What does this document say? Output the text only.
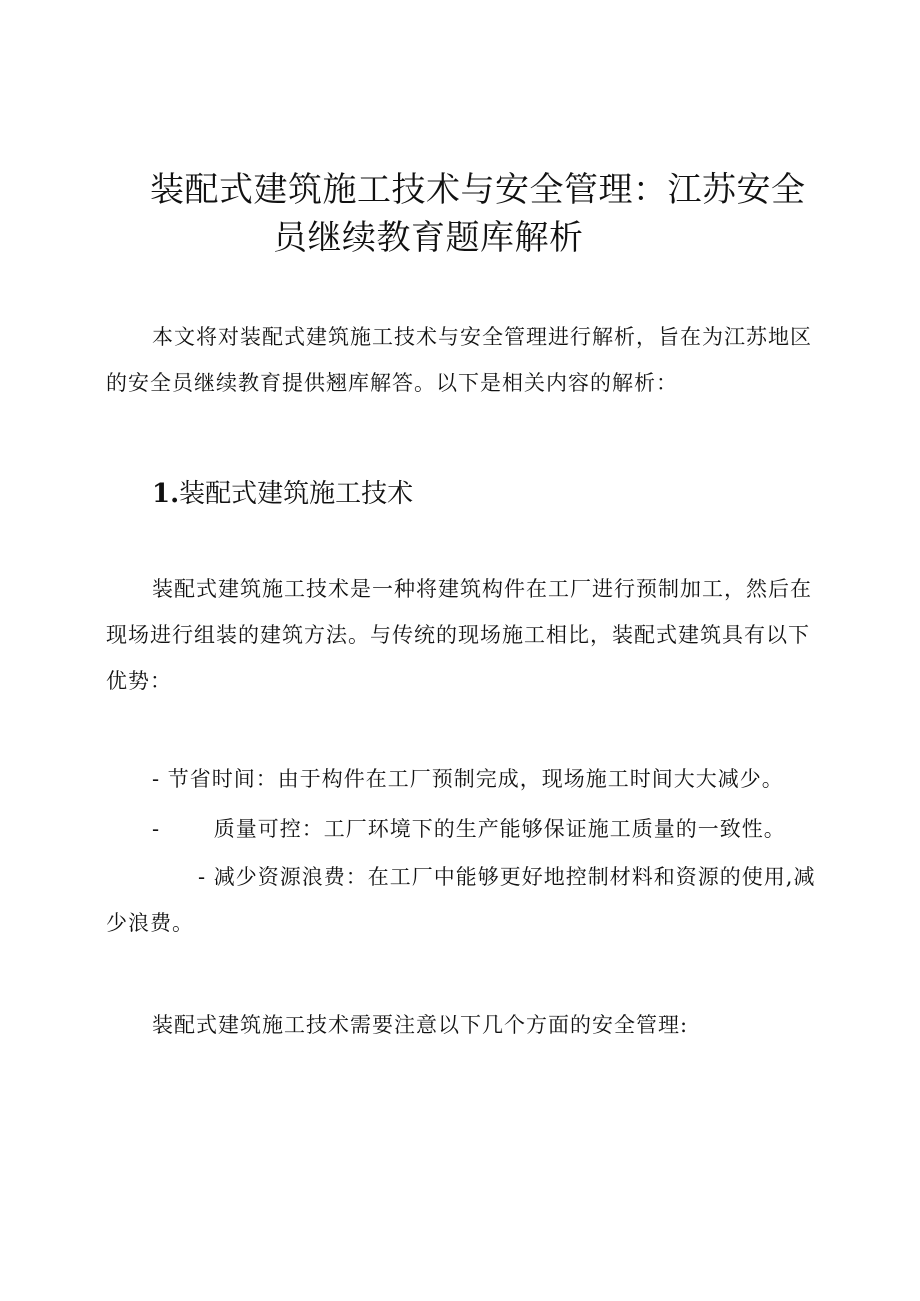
装配式建筑施工技术与安全管理：江苏安全
员继续教育题库解析

本文将对装配式建筑施工技术与安全管理进行解析，旨在为江苏地区的安全员继续教育提供翘库解答。以下是相关内容的解析：

1.装配式建筑施工技术

装配式建筑施工技术是一种将建筑构件在工厂进行预制加工，然后在现场进行组装的建筑方法。与传统的现场施工相比，装配式建筑具有以下优势：

- 节省时间：由于构件在工厂预制完成，现场施工时间大大减少。

-	质量可控：工厂环境下的生产能够保证施工质量的一致性。

- 减少资源浪费：在工厂中能够更好地控制材料和资源的使用,减少浪费。

装配式建筑施工技术需要注意以下几个方面的安全管理:
